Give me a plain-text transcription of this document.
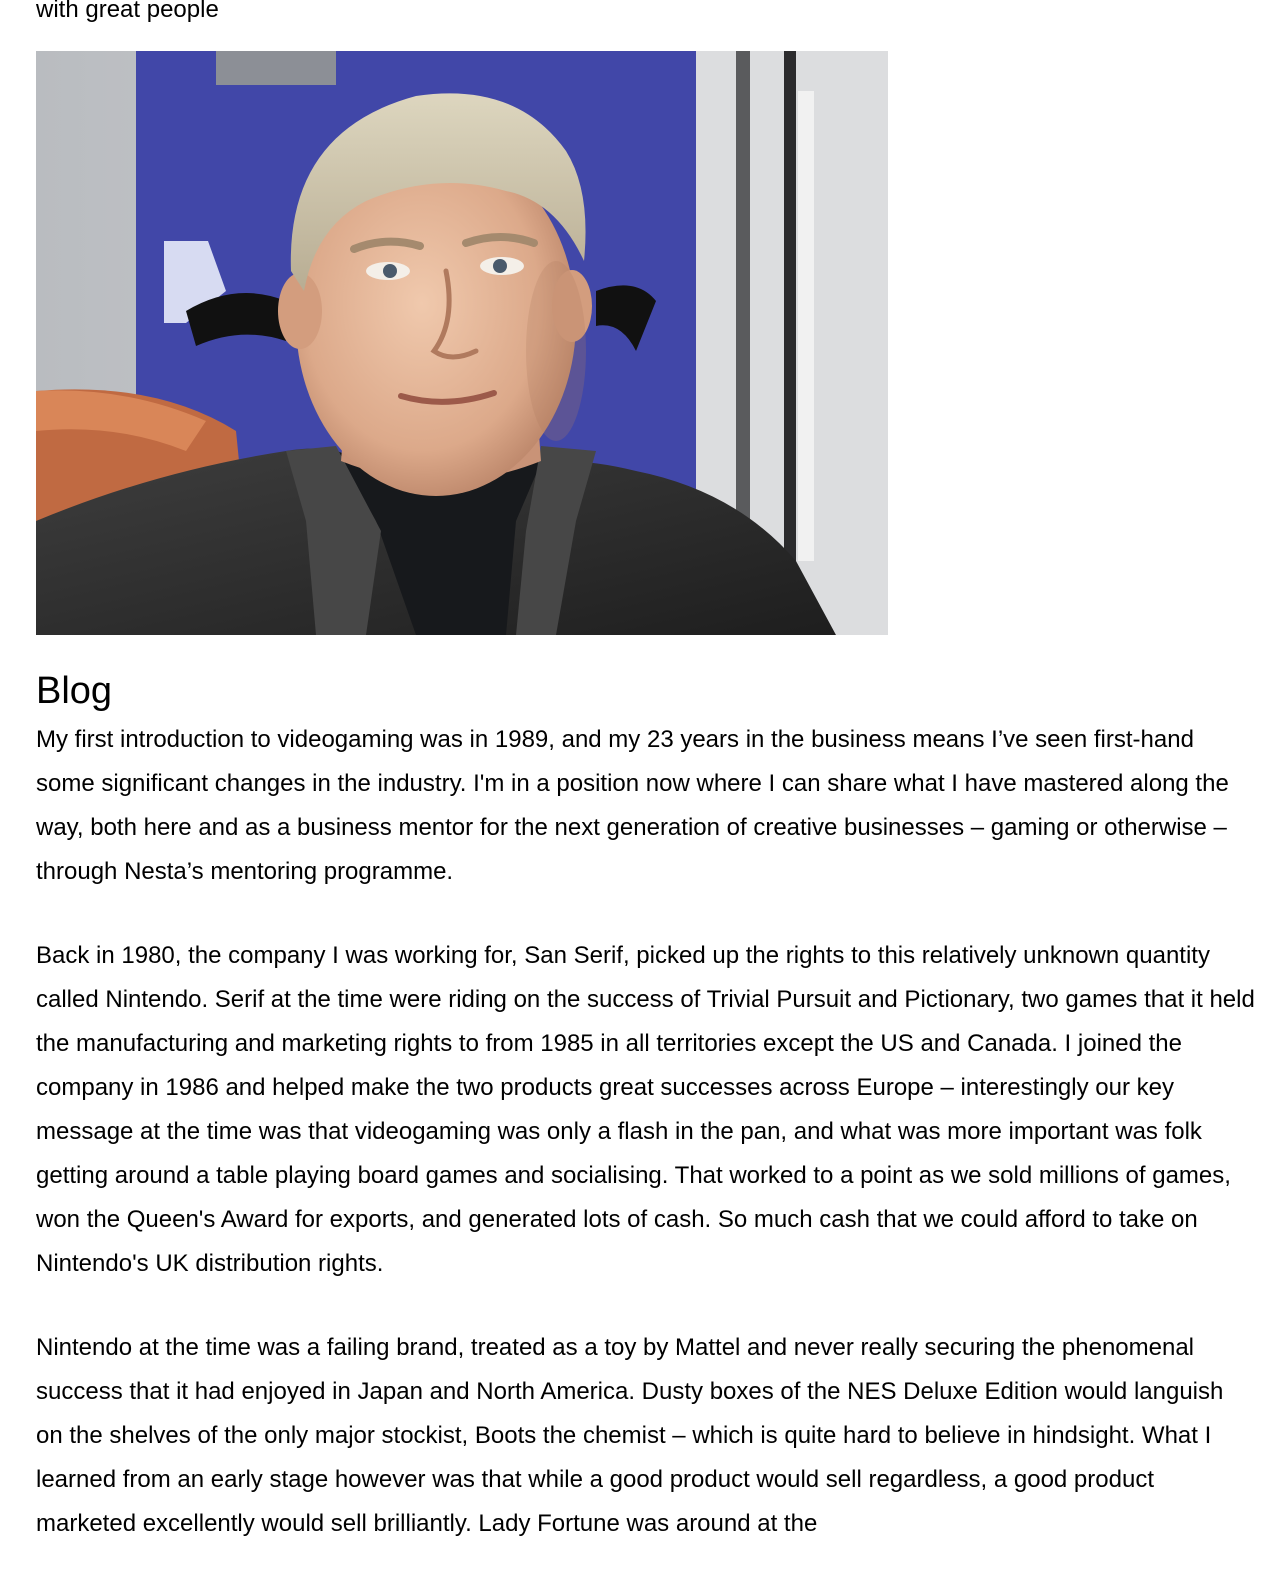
with great people

Blog

My first introduction to videogaming was in 1989, and my 23 years in the business means I’ve seen first-hand some significant changes in the industry. I'm in a position now where I can share what I have mastered along the way, both here and as a business mentor for the next generation of creative businesses – gaming or otherwise – through Nesta’s mentoring programme.

Back in 1980, the company I was working for, San Serif, picked up the rights to this relatively unknown quantity called Nintendo. Serif at the time were riding on the success of Trivial Pursuit and Pictionary, two games that it held the manufacturing and marketing rights to from 1985 in all territories except the US and Canada. I joined the company in 1986 and helped make the two products great successes across Europe – interestingly our key message at the time was that videogaming was only a flash in the pan, and what was more important was folk getting around a table playing board games and socialising. That worked to a point as we sold millions of games, won the Queen's Award for exports, and generated lots of cash. So much cash that we could afford to take on Nintendo's UK distribution rights.

Nintendo at the time was a failing brand, treated as a toy by Mattel and never really securing the phenomenal success that it had enjoyed in Japan and North America. Dusty boxes of the NES Deluxe Edition would languish on the shelves of the only major stockist, Boots the chemist – which is quite hard to believe in hindsight. What I learned from an early stage however was that while a good product would sell regardless, a good product marketed excellently would sell brilliantly. Lady Fortune was around at the
